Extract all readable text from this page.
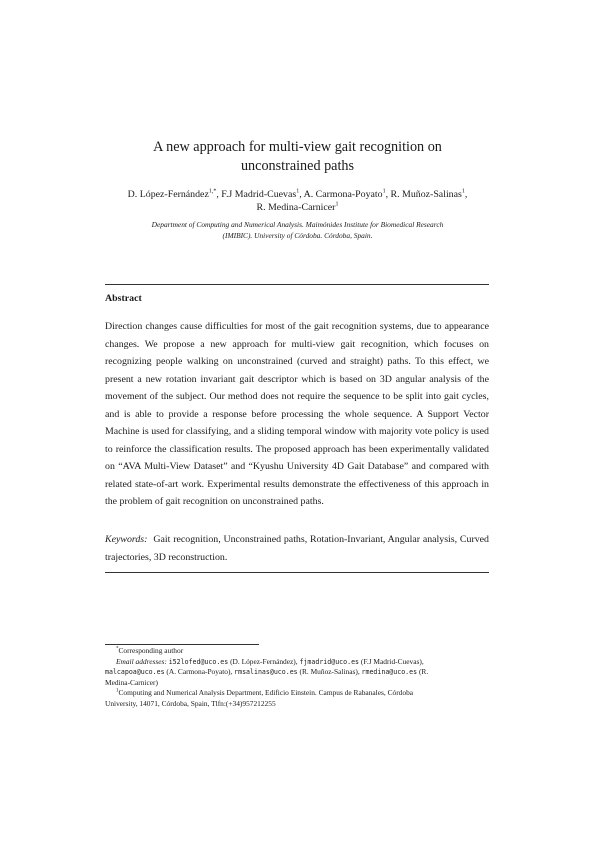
A new approach for multi-view gait recognition on
unconstrained paths
D. López-Fernández$^{1,*}$, F.J Madrid-Cuevas$^1$, A. Carmona-Poyato$^1$, R. Muñoz-Salinas$^1$,
R. Medina-Carnicer$^1$
Department of Computing and Numerical Analysis. Maimónides Institute for Biomedical Research
(IMIBIC). University of Córdoba. Córdoba, Spain.
Abstract
Direction changes cause difficulties for most of the gait recognition systems, due to appearance changes. We propose a new approach for multi-view gait recognition, which focuses on recognizing people walking on unconstrained (curved and straight) paths. To this effect, we present a new rotation invariant gait descriptor which is based on 3D angular analysis of the movement of the subject. Our method does not require the sequence to be split into gait cycles, and is able to provide a response before processing the whole sequence. A Support Vector Machine is used for classifying, and a sliding temporal window with majority vote policy is used to reinforce the classification results. The proposed approach has been experimentally validated on “AVA Multi-View Dataset” and “Kyushu University 4D Gait Database” and compared with related state-of-art work. Experimental results demonstrate the effectiveness of this approach in the problem of gait recognition on unconstrained paths.
Keywords: Gait recognition, Unconstrained paths, Rotation-Invariant, Angular analysis, Curved trajectories, 3D reconstruction.
*Corresponding author
Email addresses: i52lofed@uco.es (D. López-Fernández), fjmadrid@uco.es (F.J Madrid-Cuevas),
malcapoa@uco.es (A. Carmona-Poyato), rmsalinas@uco.es (R. Muñoz-Salinas), rmedina@uco.es (R.
Medina-Carnicer)
$^1$Computing and Numerical Analysis Department, Edificio Einstein. Campus de Rabanales, Córdoba
University, 14071, Córdoba, Spain, Tlfn:(+34)957212255
